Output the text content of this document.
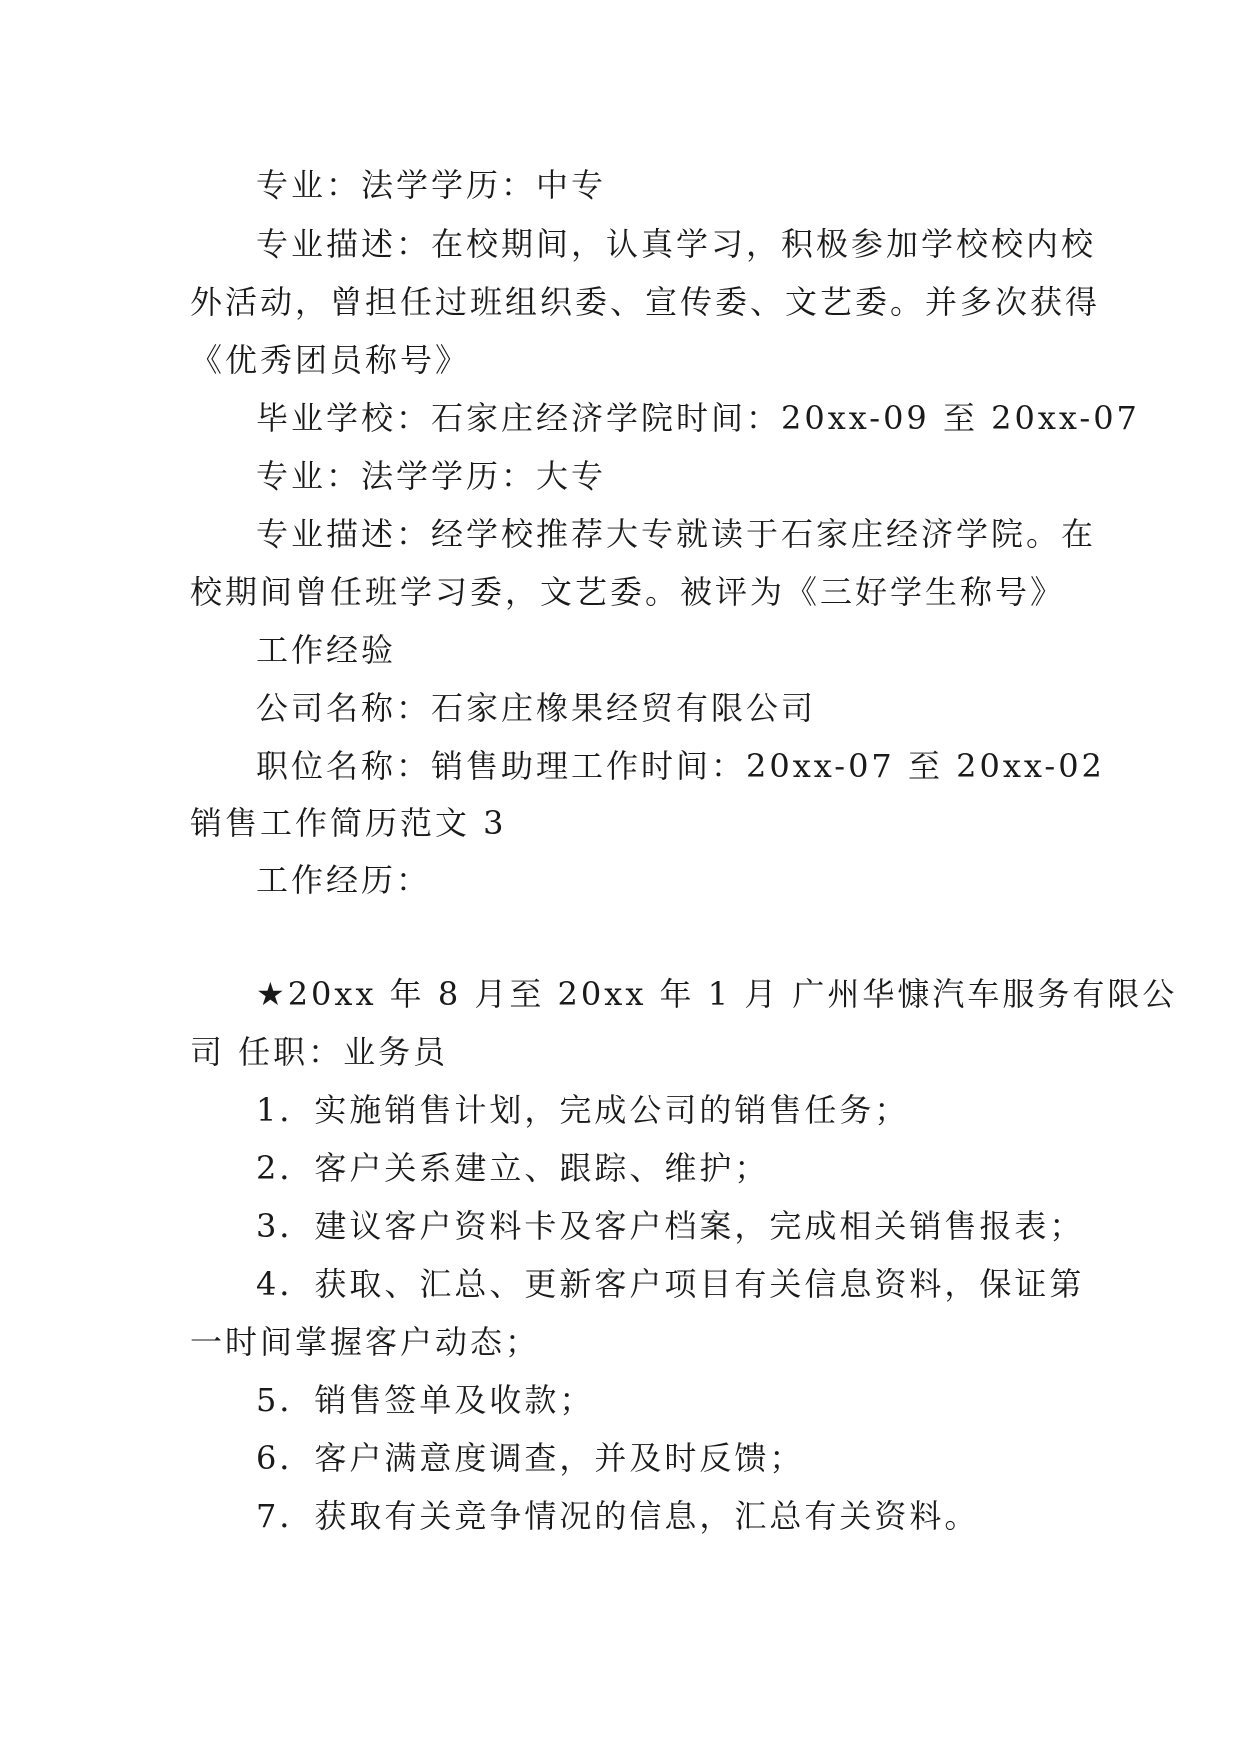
专业：法学学历：中专
专业描述：在校期间，认真学习，积极参加学校校内校
外活动，曾担任过班组织委、宣传委、文艺委。并多次获得
《优秀团员称号》
毕业学校：石家庄经济学院时间：20xx-09 至 20xx-07
专业：法学学历：大专
专业描述：经学校推荐大专就读于石家庄经济学院。在
校期间曾任班学习委，文艺委。被评为《三好学生称号》
工作经验
公司名称：石家庄橡果经贸有限公司
职位名称：销售助理工作时间：20xx-07 至 20xx-02
销售工作简历范文 3
工作经历：
★20xx 年 8 月至 20xx 年 1 月 广州华慷汽车服务有限公
司 任职：业务员
1．实施销售计划，完成公司的销售任务；
2．客户关系建立、跟踪、维护；
3．建议客户资料卡及客户档案，完成相关销售报表；
4．获取、汇总、更新客户项目有关信息资料，保证第
一时间掌握客户动态；
5．销售签单及收款；
6．客户满意度调查，并及时反馈；
7．获取有关竞争情况的信息，汇总有关资料。
